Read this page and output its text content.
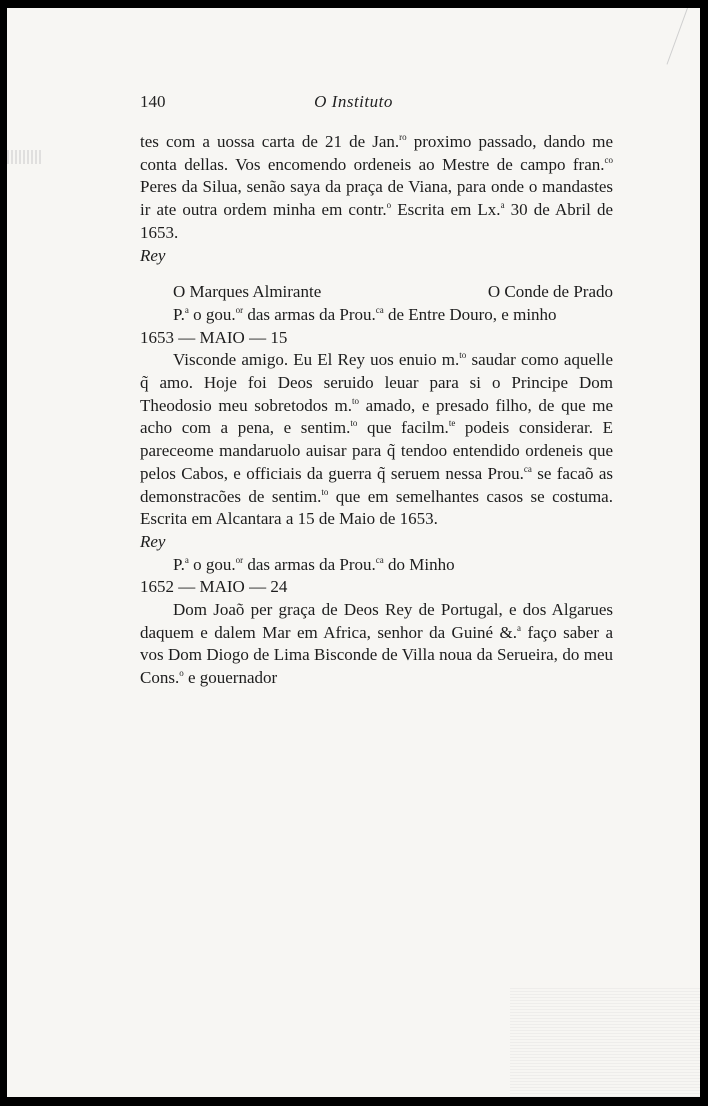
140	O Instituto

tes com a uossa carta de 21 de Jan.$^{ro}$ proximo passado, dando me conta dellas. Vos encomendo ordeneis ao Mestre de campo fran.$^{co}$ Peres da Silua, senão saya da praça de Viana, para onde o mandastes ir ate outra ordem minha em contr.$^o$ Escrita em Lx.$^a$ 30 de Abril de 1653.

Rey

O Marques Almirante	O Conde de Prado

P.$^a$ o gou.$^{or}$ das armas da Prou.$^{ca}$ de Entre Douro, e minho

1653 — MAIO — 15

Visconde amigo. Eu El Rey uos enuio m.$^{to}$ saudar como aquelle q̃ amo. Hoje foi Deos seruido leuar para si o Principe Dom Theodosio meu sobretodos m.$^{to}$ amado, e presado filho, de que me acho com a pena, e sentim.$^{to}$ que facilm.$^{te}$ podeis considerar. E pareceome mandaruolo auisar para q̃ tendoo entendido ordeneis que pelos Cabos, e officiais da guerra q̃ seruem nessa Prou.$^{ca}$ se facaõ as demonstracões de sentim.$^{to}$ que em semelhantes casos se costuma. Escrita em Alcantara a 15 de Maio de 1653.

Rey

P.$^a$ o gou.$^{or}$ das armas da Prou.$^{ca}$ do Minho

1652 — MAIO — 24

Dom Joaõ per graça de Deos Rey de Portugal, e dos Algarues daquem e dalem Mar em Africa, senhor da Guiné &.$^a$ faço saber a vos Dom Diogo de Lima Bisconde de Villa noua da Serueira, do meu Cons.$^o$ e gouernador
